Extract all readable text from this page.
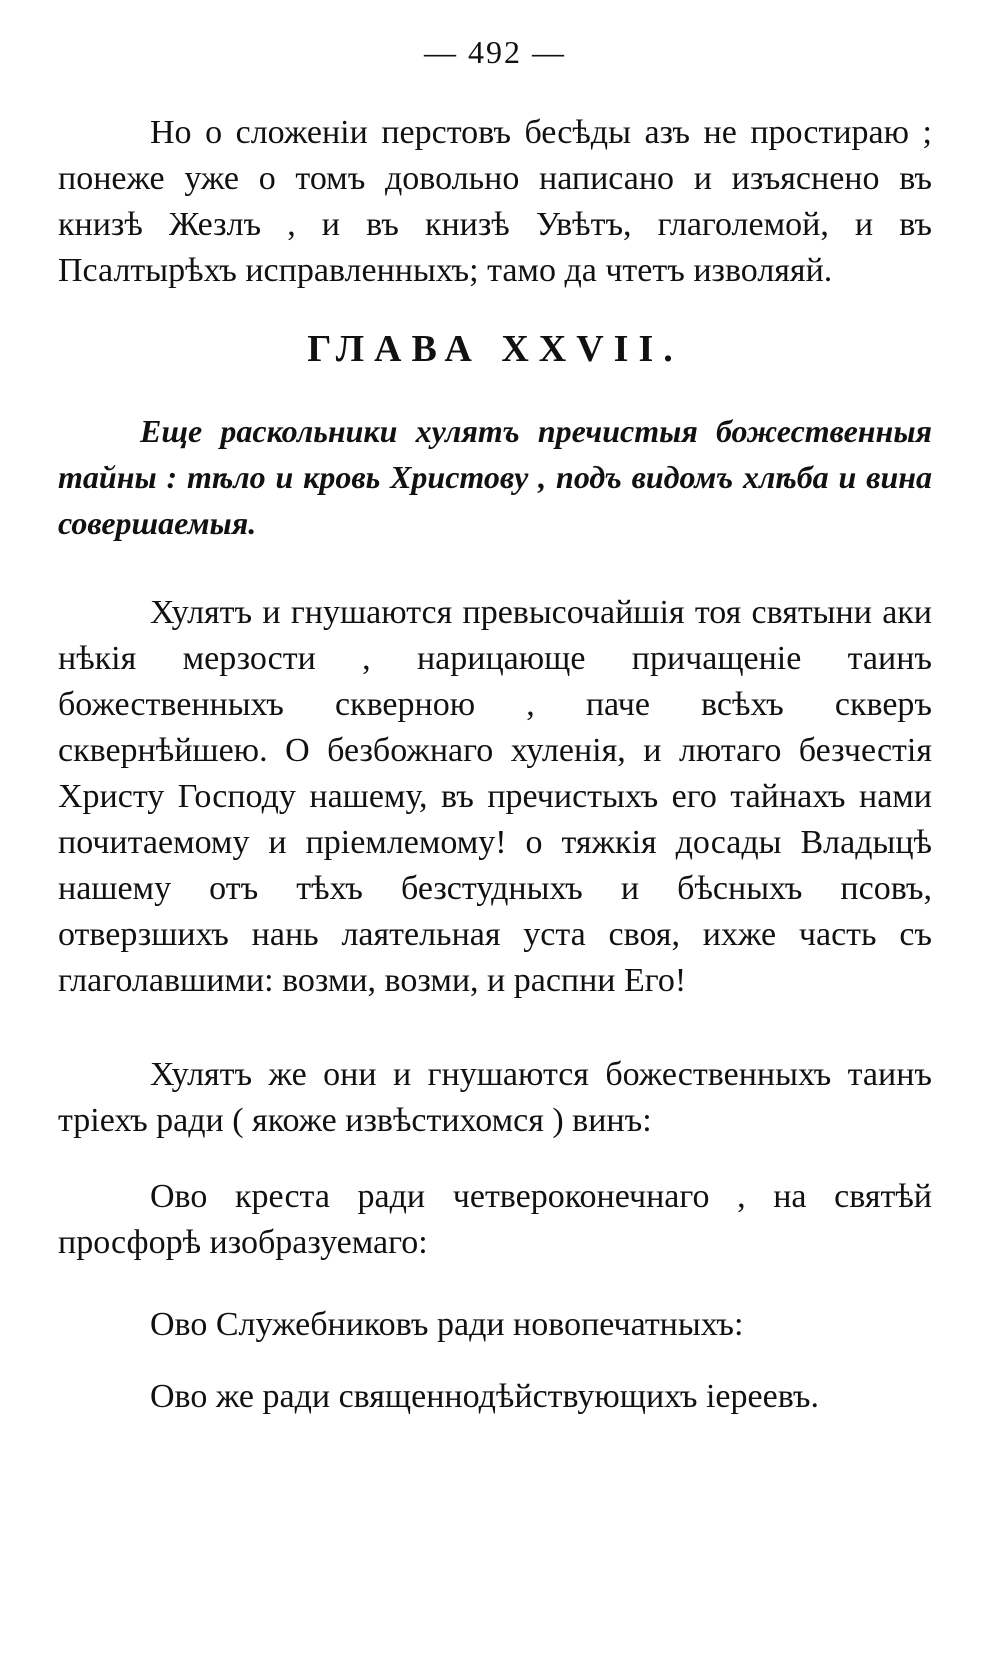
— 492 —

Но о сложеніи перстовъ бесѣды азъ не простираю ; понеже уже о томъ довольно написано и изъяснено въ книзѣ Жезлъ , и въ книзѣ Увѣтъ, глаголемой, и въ Псалтырѣхъ исправленныхъ; тамо да чтетъ изволяяй.

ГЛАВА XXVII.

Еще раскольники хулятъ пречистыя божественныя тайны : тѣло и кровь Христову , подъ видомъ хлѣба и вина совершаемыя.

Хулятъ и гнушаются превысочайшія тоя святыни аки нѣкія мерзости , нарицающе причащеніе таинъ божественныхъ скверною , паче всѣхъ скверъ сквернѣйшею. О безбожнаго хуленія, и лютаго безчестія Христу Господу нашему, въ пречистыхъ его тайнахъ нами почитаемому и пріемлемому! о тяжкія досады Владыцѣ нашему отъ тѣхъ безстудныхъ и бѣсныхъ псовъ, отверзшихъ нань лаятельная уста своя, ихже часть съ глаголавшими: возми, возми, и распни Его!

Хулятъ же они и гнушаются божественныхъ таинъ тріехъ ради ( якоже извѣстихомся ) винъ:

Ово креста ради четвероконечнаго , на святѣй просфорѣ изобразуемаго:

Ово Служебниковъ ради новопечатныхъ:

Ово же ради священнодѣйствующихъ іереевъ.
